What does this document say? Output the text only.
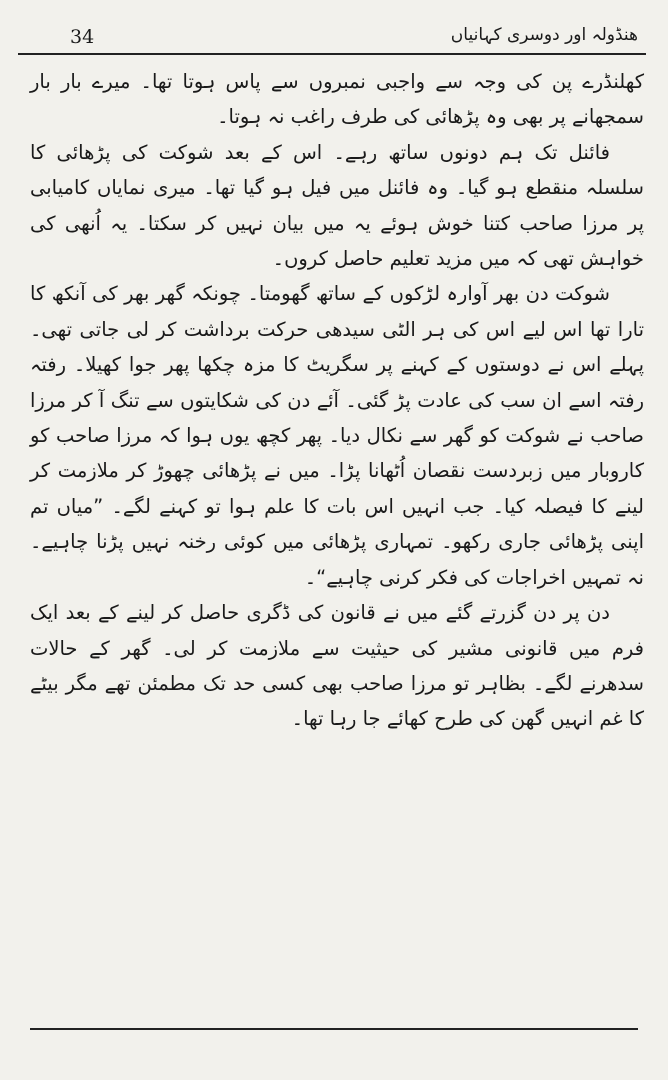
34	ھنڈولہ اور دوسری کہانیاں

کھلنڈرے پن کی وجہ سے واجبی نمبروں سے پاس ہوتا تھا۔ میرے بار بار سمجھانے پر بھی وہ پڑھائی کی طرف راغب نہ ہوتا۔

فائنل تک ہم دونوں ساتھ رہے۔ اس کے بعد شوکت کی پڑھائی کا سلسلہ منقطع ہو گیا۔ وہ فائنل میں فیل ہو گیا تھا۔ میری نمایاں کامیابی پر مرزا صاحب کتنا خوش ہوئے یہ میں بیان نہیں کر سکتا۔ یہ اُنھی کی خواہش تھی کہ میں مزید تعلیم حاصل کروں۔

شوکت دن بھر آوارہ لڑکوں کے ساتھ گھومتا۔ چونکہ گھر بھر کی آنکھ کا تارا تھا اس لیے اس کی ہر الٹی سیدھی حرکت برداشت کر لی جاتی تھی۔ پہلے اس نے دوستوں کے کہنے پر سگریٹ کا مزہ چکھا پھر جوا کھیلا۔ رفتہ رفتہ اسے ان سب کی عادت پڑ گئی۔ آئے دن کی شکایتوں سے تنگ آ کر مرزا صاحب نے شوکت کو گھر سے نکال دیا۔ پھر کچھ یوں ہوا کہ مرزا صاحب کو کاروبار میں زبردست نقصان اُٹھانا پڑا۔ میں نے پڑھائی چھوڑ کر ملازمت کر لینے کا فیصلہ کیا۔ جب انہیں اس بات کا علم ہوا تو کہنے لگے۔ ”میاں تم اپنی پڑھائی جاری رکھو۔ تمہاری پڑھائی میں کوئی رخنہ نہیں پڑنا چاہیے۔ نہ تمہیں اخراجات کی فکر کرنی چاہیے“۔

دن پر دن گزرتے گئے میں نے قانون کی ڈگری حاصل کر لینے کے بعد ایک فرم میں قانونی مشیر کی حیثیت سے ملازمت کر لی۔ گھر کے حالات سدھرنے لگے۔ بظاہر تو مرزا صاحب بھی کسی حد تک مطمئن تھے مگر بیٹے کا غم انہیں گھن کی طرح کھائے جا رہا تھا۔
